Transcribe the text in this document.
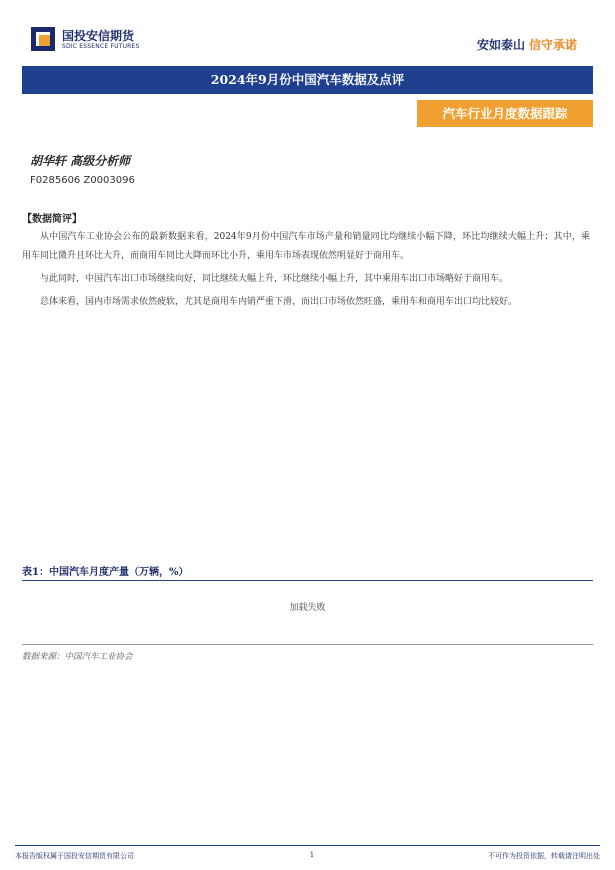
国投安信期货
SDIC ESSENCE FUTURES	安如泰山 信守承诺
2024年9月份中国汽车数据及点评
汽车行业月度数据跟踪
胡华轩 高级分析师
F0285606 Z0003096
【数据简评】

从中国汽车工业协会公布的最新数据来看，2024年9月份中国汽车市场产量和销量同比均继续小幅下降，环比均继续大幅上升；其中，乘用车同比微升且环比大升，而商用车同比大降而环比小升，乘用车市场表现依然明显好于商用车。

与此同时，中国汽车出口市场继续向好，同比继续大幅上升，环比继续小幅上升，其中乘用车出口市场略好于商用车。

总体来看，国内市场需求依然疲软，尤其是商用车内销严重下滑，而出口市场依然旺盛，乘用车和商用车出口均比较好。

表1：中国汽车月度产量（万辆，%）
加载失败
数据来源：中国汽车工业协会
本报告版权属于国投安信期货有限公司	1	不可作为投资依据，转载请注明出处
